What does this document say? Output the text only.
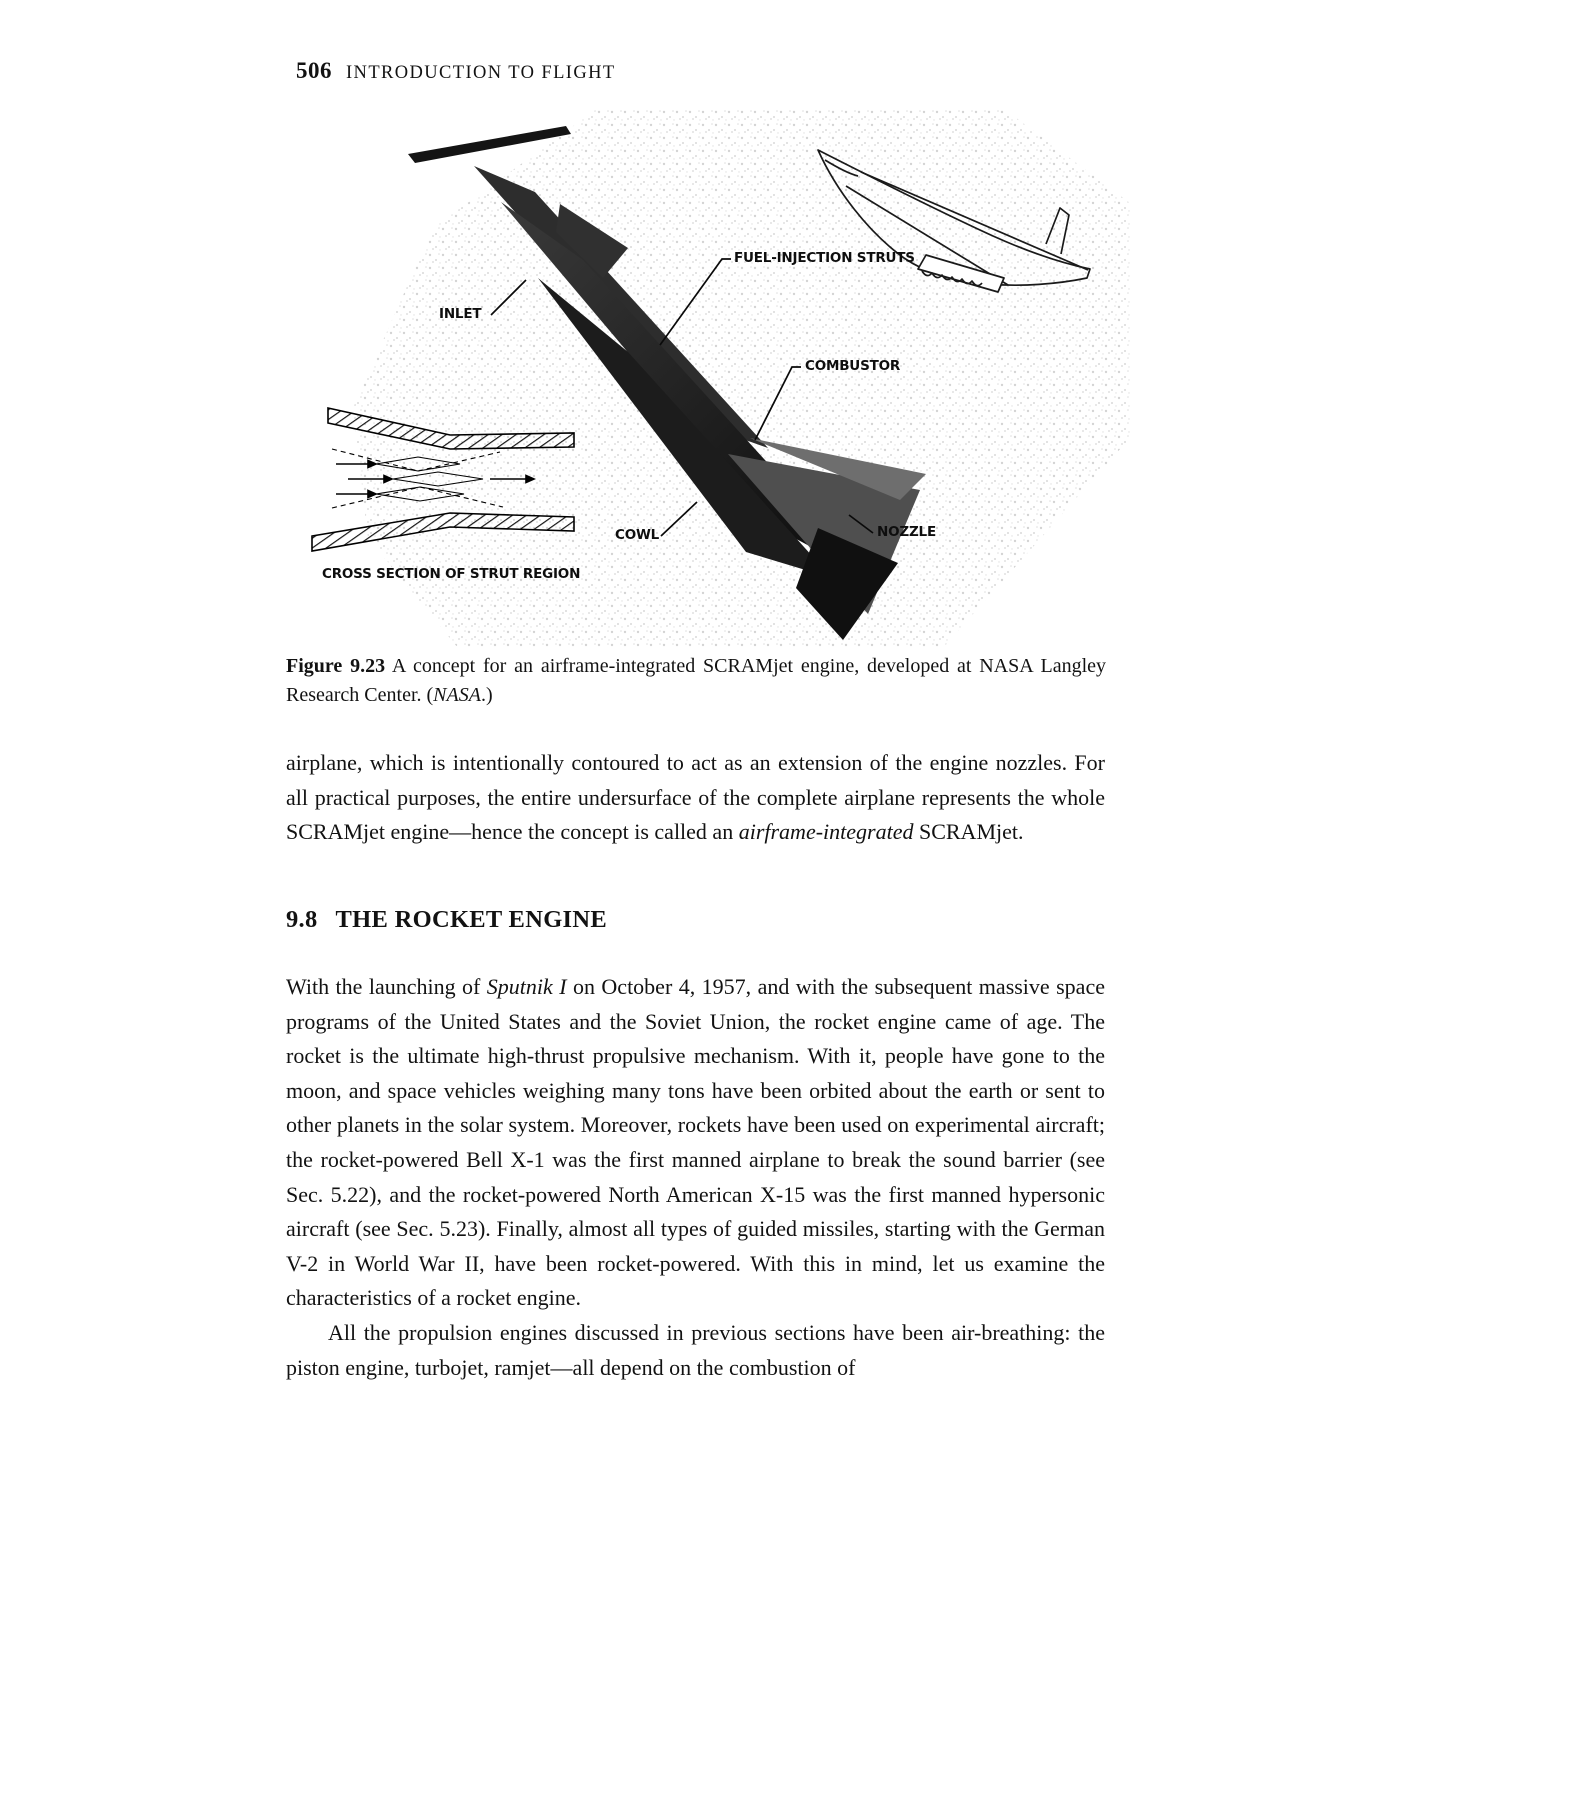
506 INTRODUCTION TO FLIGHT
FUEL-INJECTION STRUTS
INLET
COMBUSTOR
COWL	NOZZLE
CROSS SECTION OF STRUT REGION
Figure 9.23 A concept for an airframe-integrated SCRAMjet engine, developed at NASA Langley Research Center. (NASA.)

airplane, which is intentionally contoured to act as an extension of the engine nozzles. For all practical purposes, the entire undersurface of the complete airplane represents the whole SCRAMjet engine—hence the concept is called an airframe-integrated SCRAMjet.

9.8 THE ROCKET ENGINE

With the launching of Sputnik I on October 4, 1957, and with the subsequent massive space programs of the United States and the Soviet Union, the rocket engine came of age. The rocket is the ultimate high-thrust propulsive mechanism. With it, people have gone to the moon, and space vehicles weighing many tons have been orbited about the earth or sent to other planets in the solar system. Moreover, rockets have been used on experimental aircraft; the rocket-powered Bell X-1 was the first manned airplane to break the sound barrier (see Sec. 5.22), and the rocket-powered North American X-15 was the first manned hypersonic aircraft (see Sec. 5.23). Finally, almost all types of guided missiles, starting with the German V-2 in World War II, have been rocket-powered. With this in mind, let us examine the characteristics of a rocket engine.

All the propulsion engines discussed in previous sections have been air-breathing: the piston engine, turbojet, ramjet—all depend on the combustion of
